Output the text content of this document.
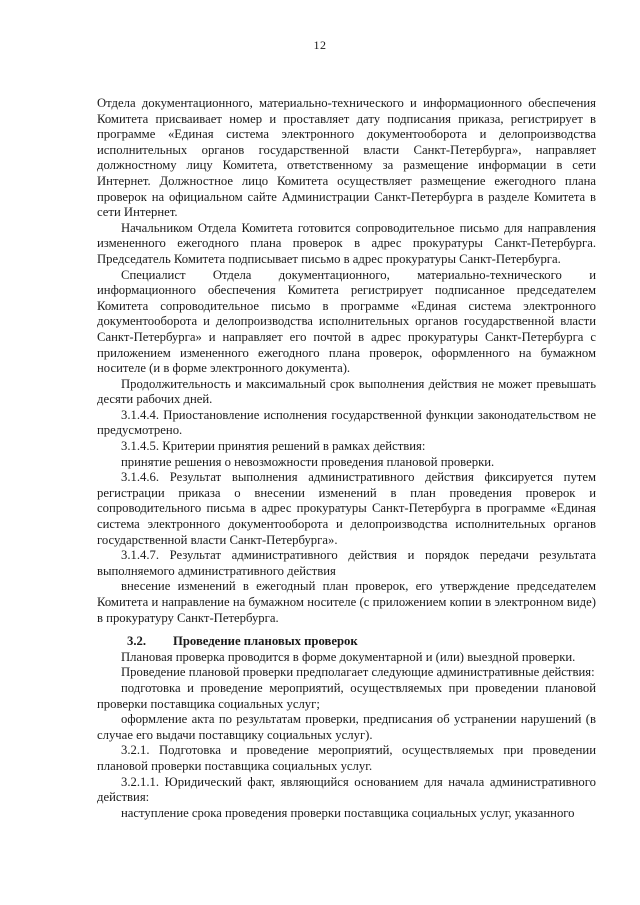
12

Отдела документационного, материально-технического и информационного обеспечения Комитета присваивает номер и проставляет дату подписания приказа, регистрирует в программе «Единая система электронного документооборота и делопроизводства исполнительных органов государственной власти Санкт-Петербурга», направляет должностному лицу Комитета, ответственному за размещение информации в сети Интернет. Должностное лицо Комитета осуществляет размещение ежегодного плана проверок на официальном сайте Администрации Санкт-Петербурга в разделе Комитета в сети Интернет.

Начальником Отдела Комитета готовится сопроводительное письмо для направления измененного ежегодного плана проверок в адрес прокуратуры Санкт-Петербурга. Председатель Комитета подписывает письмо в адрес прокуратуры Санкт-Петербурга.

Специалист Отдела документационного, материально-технического и информационного обеспечения Комитета регистрирует подписанное председателем Комитета сопроводительное письмо в программе «Единая система электронного документооборота и делопроизводства исполнительных органов государственной власти Санкт-Петербурга» и направляет его почтой в адрес прокуратуры Санкт-Петербурга с приложением измененного ежегодного плана проверок, оформленного на бумажном носителе (и в форме электронного документа).

Продолжительность и максимальный срок выполнения действия не может превышать десяти рабочих дней.

3.1.4.4. Приостановление исполнения государственной функции законодательством не предусмотрено.

3.1.4.5. Критерии принятия решений в рамках действия:

принятие решения о невозможности проведения плановой проверки.

3.1.4.6. Результат выполнения административного действия фиксируется путем регистрации приказа о внесении изменений в план проведения проверок и сопроводительного письма в адрес прокуратуры Санкт-Петербурга в программе «Единая система электронного документооборота и делопроизводства исполнительных органов государственной власти Санкт-Петербурга».

3.1.4.7. Результат административного действия и порядок передачи результата выполняемого административного действия

внесение изменений в ежегодный план проверок, его утверждение председателем Комитета и направление на бумажном носителе (с приложением копии в электронном виде) в прокуратуру Санкт-Петербурга.

3.2. Проведение плановых проверок

Плановая проверка проводится в форме документарной и (или) выездной проверки.

Проведение плановой проверки предполагает следующие административные действия:

подготовка и проведение мероприятий, осуществляемых при проведении плановой проверки поставщика социальных услуг;

оформление акта по результатам проверки, предписания об устранении нарушений (в случае его выдачи поставщику социальных услуг).

3.2.1. Подготовка и проведение мероприятий, осуществляемых при проведении плановой проверки поставщика социальных услуг.

3.2.1.1. Юридический факт, являющийся основанием для начала административного действия:

наступление срока проведения проверки поставщика социальных услуг, указанного
